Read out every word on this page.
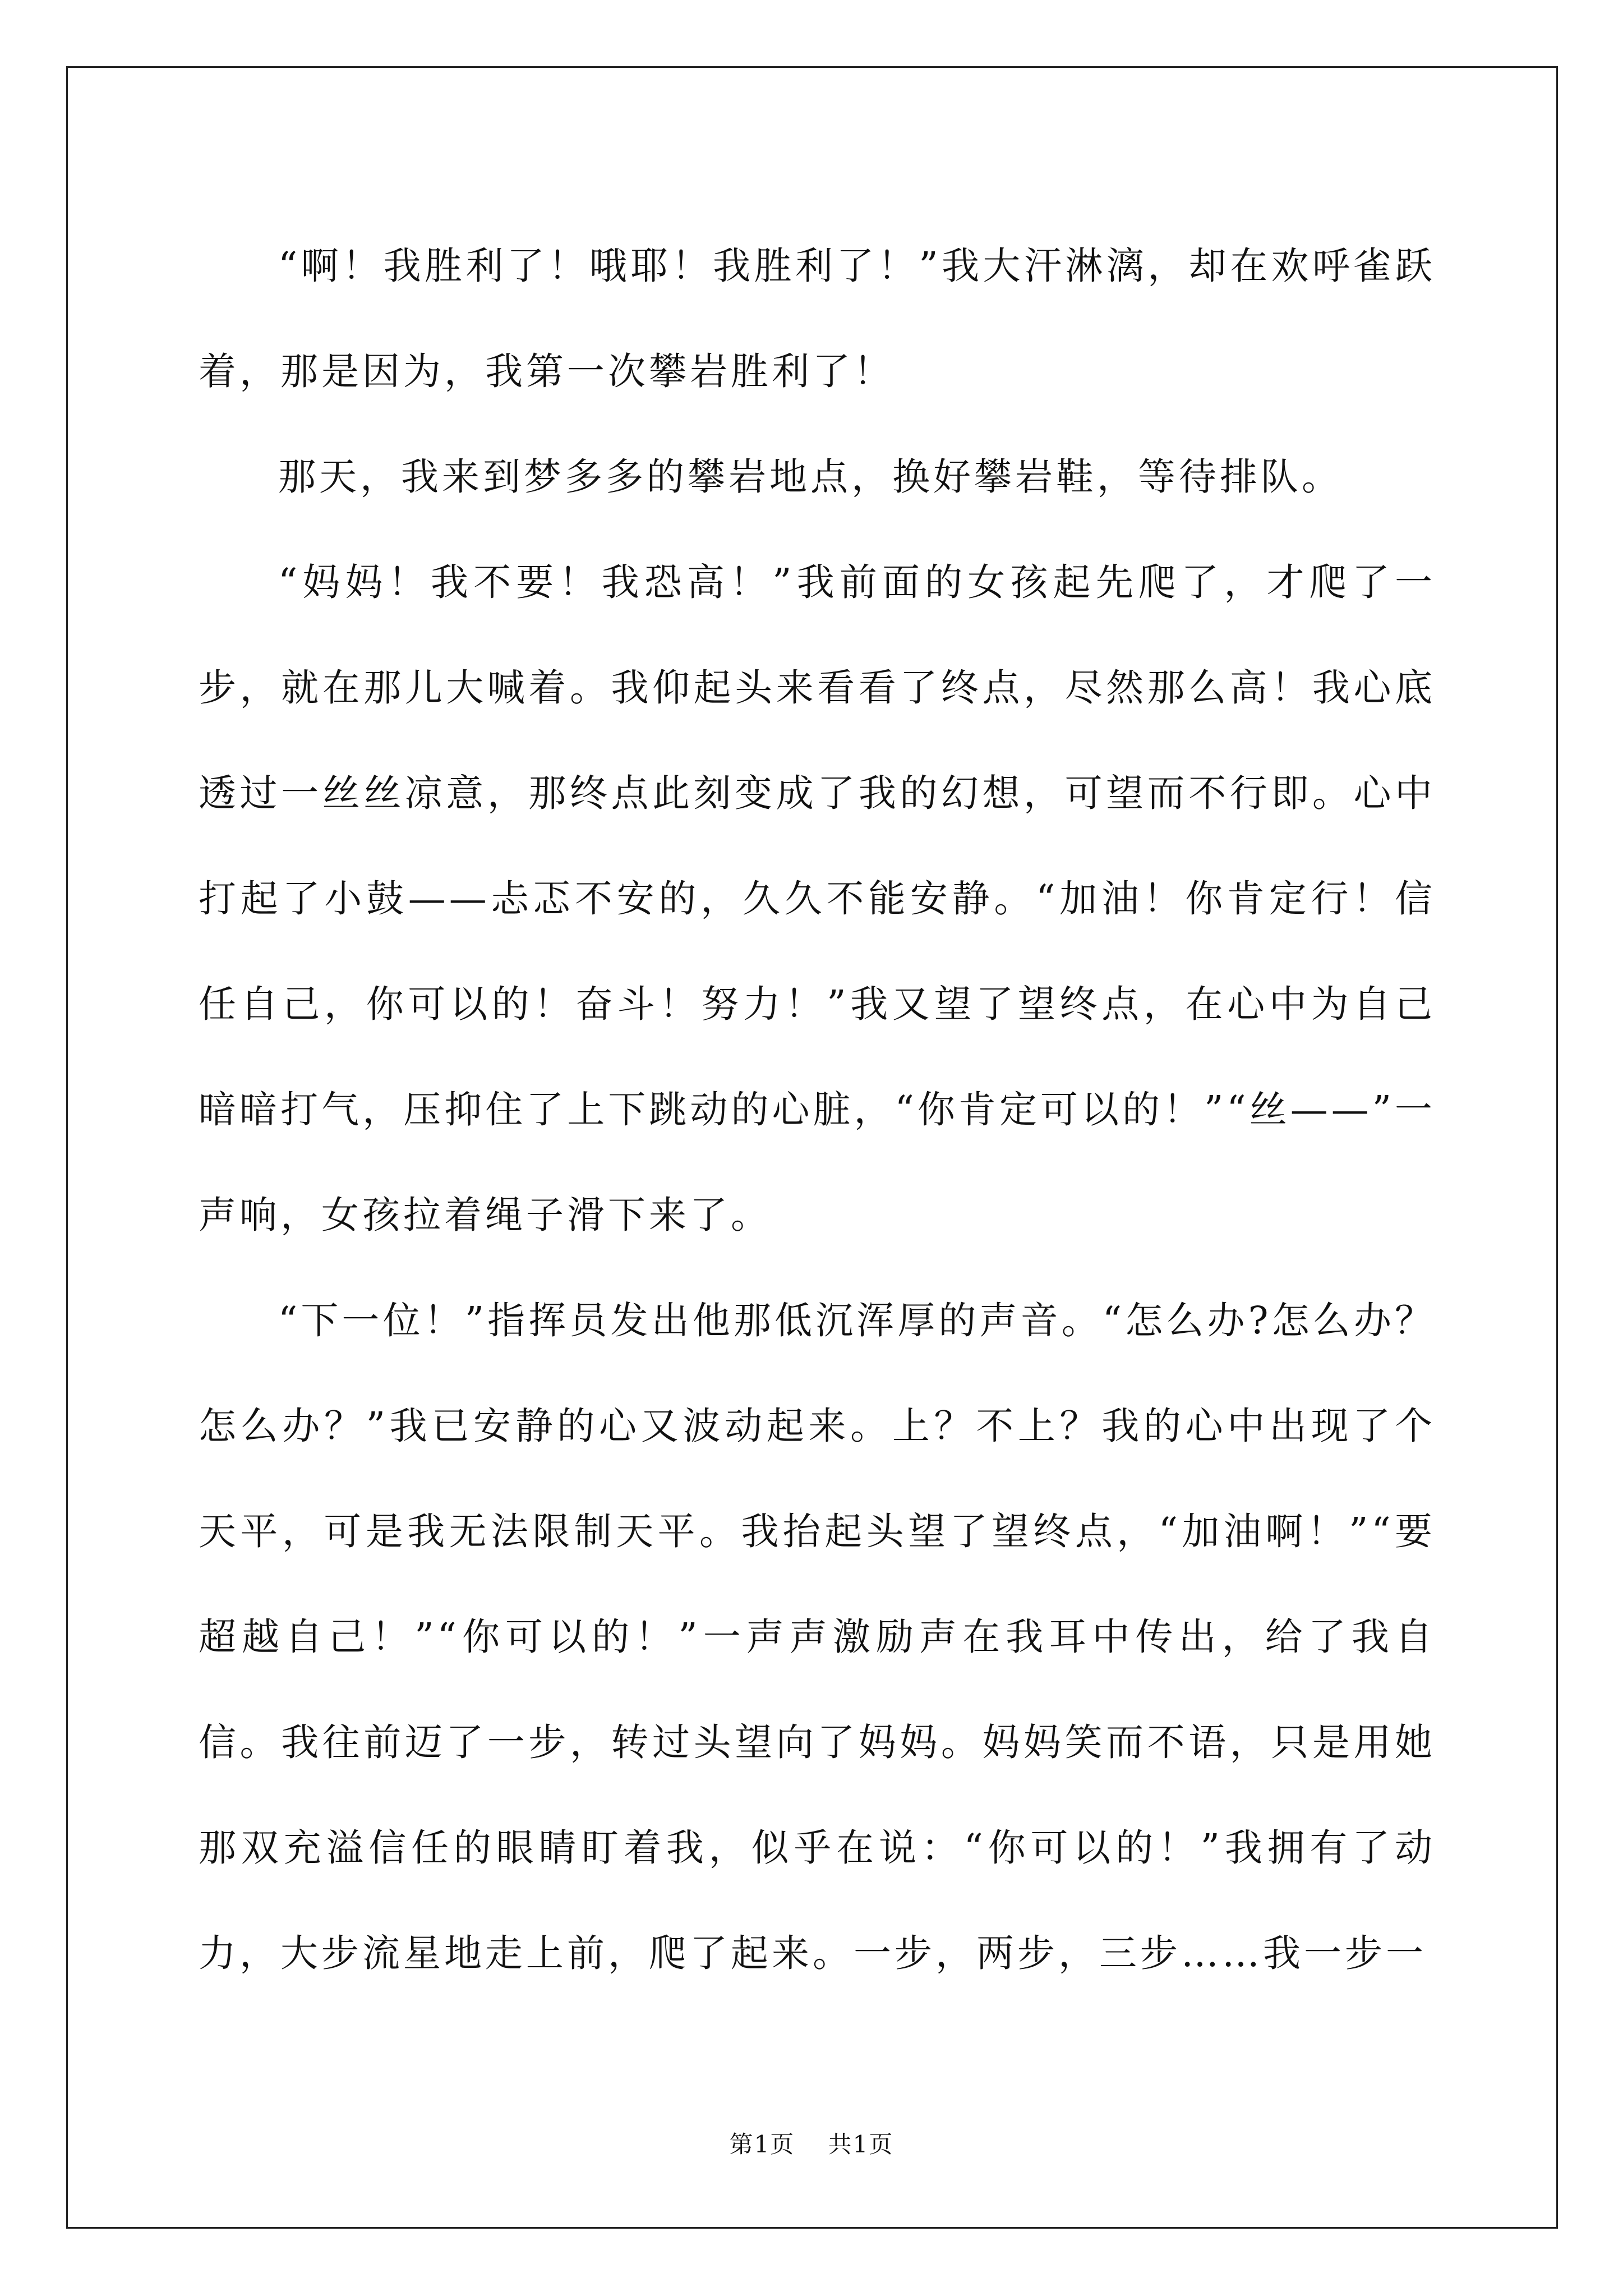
“啊！我胜利了！哦耶！我胜利了！”我大汗淋漓，却在欢呼雀跃着，那是因为，我第一次攀岩胜利了！

那天，我来到梦多多的攀岩地点，换好攀岩鞋，等待排队。

“妈妈！我不要！我恐高！”我前面的女孩起先爬了，才爬了一步，就在那儿大喊着。我仰起头来看看了终点，尽然那么高！我心底透过一丝丝凉意，那终点此刻变成了我的幻想，可望而不行即。心中打起了小鼓——忐忑不安的，久久不能安静。“加油！你肯定行！信任自己，你可以的！奋斗！努力！”我又望了望终点，在心中为自己暗暗打气，压抑住了上下跳动的心脏，“你肯定可以的！”“丝——”一声响，女孩拉着绳子滑下来了。

“下一位！”指挥员发出他那低沉浑厚的声音。“怎么办?怎么办？怎么办？”我已安静的心又波动起来。上？不上？我的心中出现了个天平，可是我无法限制天平。我抬起头望了望终点，“加油啊！”“要超越自己！”“你可以的！”一声声激励声在我耳中传出，给了我自信。我往前迈了一步，转过头望向了妈妈。妈妈笑而不语，只是用她那双充溢信任的眼睛盯着我，似乎在说：“你可以的！”我拥有了动力，大步流星地走上前，爬了起来。一步，两步，三步……我一步一

第1页 共1页
